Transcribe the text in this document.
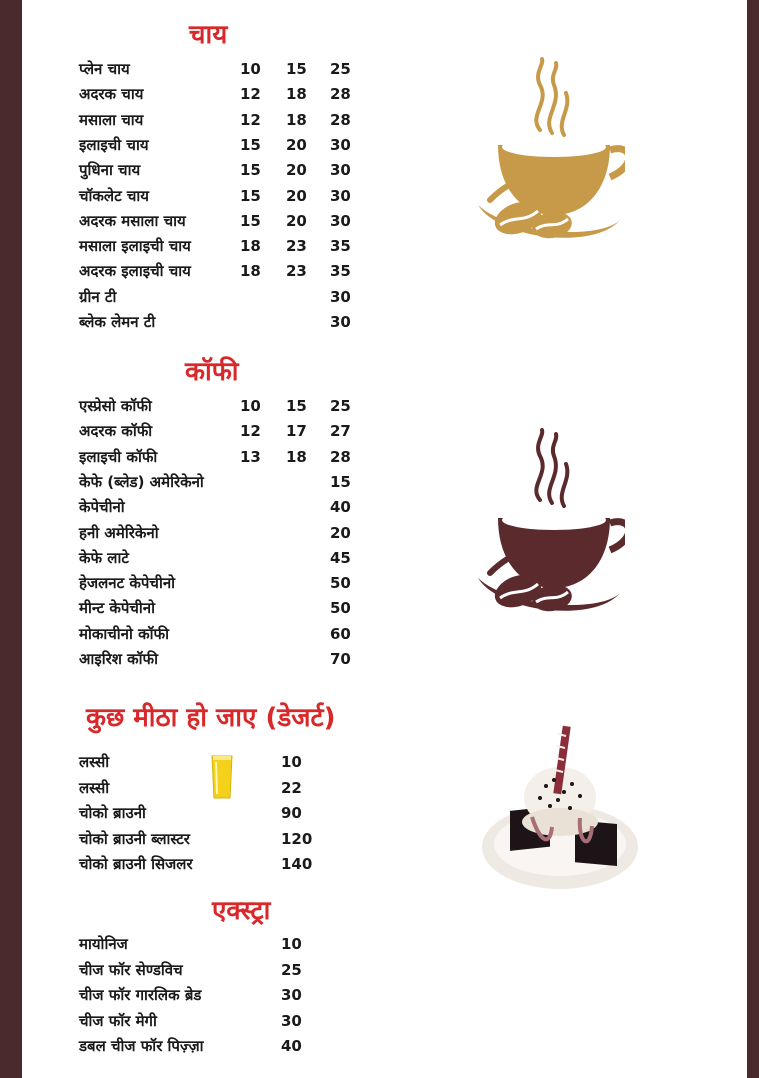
चाय
प्लेन चाय	10 15 25
अदरक चाय	12 18 28
मसाला चाय	12 18 28
इलाइची चाय	15 20 30
पुधिना चाय	15 20 30
चॉकलेट चाय	15 20 30
अदरक मसाला चाय	15 20 30
मसाला इलाइची चाय	18 23 35
अदरक इलाइची चाय	18 23 35
ग्रीन टी	30
ब्लेक लेमन टी	30
कॉफी
एस्प्रेसो कॉफी	10 15 25
अदरक कॉफी	12 17 27
इलाइची कॉफी	13 18 28
केफे (ब्लेड) अमेरिकेनो	15
केपेचीनो	40
हनी अमेरिकेनो	20
केफे लाटे	45
हेजलनट केपेचीनो	50
मीन्ट केपेचीनो	50
मोकाचीनो कॉफी	60
आइरिश कॉफी	70
कुछ मीठा हो जाए (डेजर्ट)
लस्सी	10
लस्सी	22
चोको ब्राउनी	90
चोको ब्राउनी ब्लास्टर	120
चोको ब्राउनी सिजलर	140
एक्स्ट्रा
मायोनिज	10
चीज फॉर सेण्डविच	25
चीज फॉर गारलिक ब्रेड	30
चीज फॉर मेगी	30
डबल चीज फॉर पिज़्ज़ा	40
